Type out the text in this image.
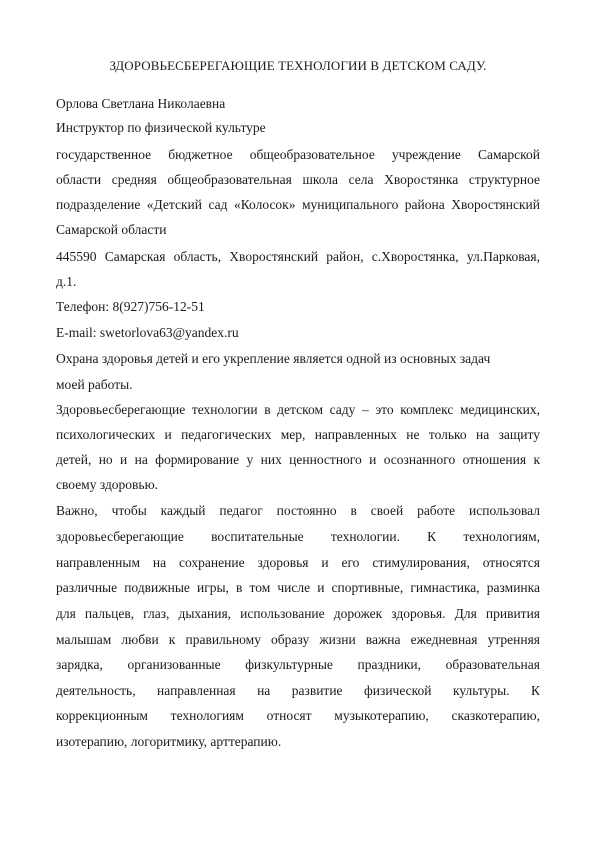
ЗДОРОВЬЕСБЕРЕГАЮЩИЕ ТЕХНОЛОГИИ В ДЕТСКОМ САДУ.
Орлова Светлана Николаевна
Инструктор по физической культуре
государственное бюджетное общеобразовательное учреждение Самарской
области средняя общеобразовательная школа села Хворостянка структурное
подразделение «Детский сад «Колосок» муниципального района Хворостянский
Самарской области
445590 Самарская область, Хворостянский район, с.Хворостянка, ул.Парковая,
д.1.
Телефон: 8(927)756-12-51
E-mail: swetorlova63@yandex.ru
Охрана здоровья детей и его укрепление является одной из основных задач
моей работы.
Здоровьесберегающие технологии в детском саду – это комплекс медицинских,
психологических и педагогических мер, направленных не только на защиту
детей, но и на формирование у них ценностного и осознанного отношения к
своему здоровью.
Важно, чтобы каждый педагог постоянно в своей работе использовал
здоровьесберегающие воспитательные технологии. К технологиям,
направленным на сохранение здоровья и его стимулирования, относятся
различные подвижные игры, в том числе и спортивные, гимнастика, разминка
для пальцев, глаз, дыхания, использование дорожек здоровья. Для привития
малышам любви к правильному образу жизни важна ежедневная утренняя
зарядка, организованные физкультурные праздники, образовательная
деятельность, направленная на развитие физической культуры. К
коррекционным технологиям относят музыкотерапию, сказкотерапию,
изотерапию, логоритмику, арттерапию.
